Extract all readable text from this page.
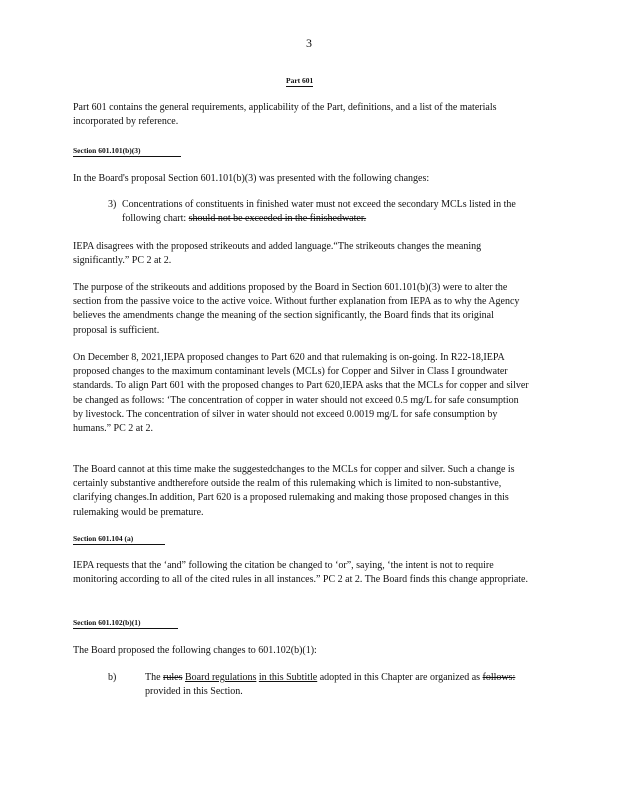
3
Part 601
Part 601 contains the general requirements, applicability of the Part, definitions, and a list of the materials incorporated by reference.
Section 601.101(b)(3)
In the Board's proposal Section 601.101(b)(3) was presented with the following changes:
3) Concentrations of constituents in finished water must not exceed the secondary MCLs listed in the following chart: should not be exceeded in the finishedwater.
IEPA disagrees with the proposed strikeouts and added language.“The strikeouts changes the meaning significantly.” PC 2 at 2.
The purpose of the strikeouts and additions proposed by the Board in Section 601.101(b)(3) were to alter the section from the passive voice to the active voice. Without further explanation from IEPA as to why the Agency believes the amendments change the meaning of the section significantly, the Board finds that its original proposal is sufficient.
On December 8, 2021,IEPA proposed changes to Part 620 and that rulemaking is on-going. In R22-18,IEPA proposed changes to the maximum contaminant levels (MCLs) for Copper and Silver in Class I groundwater standards. To align Part 601 with the proposed changes to Part 620,IEPA asks that the MCLs for copper and silver be changed as follows: ‘The concentration of copper in water should not exceed 0.5 mg/L for safe consumption by livestock. The concentration of silver in water should not exceed 0.0019 mg/L for safe consumption by humans.” PC 2 at 2.
The Board cannot at this time make the suggestedchanges to the MCLs for copper and silver. Such a change is certainly substantive andtherefore outside the realm of this rulemaking which is limited to non-substantive, clarifying changes.In addition, Part 620 is a proposed rulemaking and making those proposed changes in this rulemaking would be premature.
Section 601.104 (a)
IEPA requests that the ‘and” following the citation be changed to ‘or”, saying, ‘the intent is not to require monitoring according to all of the cited rules in all instances.” PC 2 at 2. The Board finds this change appropriate.
Section 601.102(b)(1)
The Board proposed the following changes to 601.102(b)(1):
b)	The rules Board regulations in this Subtitle adopted in this Chapter are organized as follows: provided in this Section.
